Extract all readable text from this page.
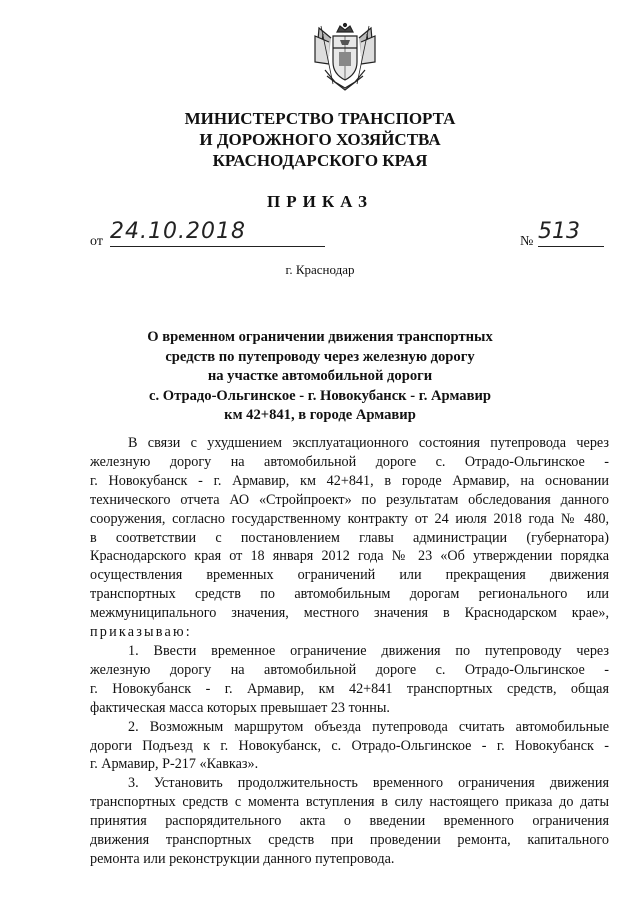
МИНИСТЕРСТВО ТРАНСПОРТА
И ДОРОЖНОГО ХОЗЯЙСТВА
КРАСНОДАРСКОГО КРАЯ
ПРИКАЗ
от 24.10.2018	№ 513
г. Краснодар
О временном ограничении движения транспортных
средств по путепроводу через железную дорогу
на участке автомобильной дороги
с. Отрадо-Ольгинское - г. Новокубанск - г. Армавир
км 42+841, в городе Армавир
В связи с ухудшением эксплуатационного состояния путепровода через
железную дорогу на автомобильной дороге с. Отрадо-Ольгинское -
г. Новокубанск - г. Армавир, км 42+841, в городе Армавир, на основании
технического отчета АО «Стройпроект» по результатам обследования данного
сооружения, согласно государственному контракту от 24 июля 2018 года № 480,
в соответствии с постановлением главы администрации (губернатора)
Краснодарского края от 18 января 2012 года № 23 «Об утверждении порядка
осуществления временных ограничений или прекращения движения
транспортных средств по автомобильным дорогам регионального или
межмуниципального значения, местного значения в Краснодарском крае»,
приказываю:
1. Ввести временное ограничение движения по путепроводу через
железную дорогу на автомобильной дороге с. Отрадо-Ольгинское -
г. Новокубанск - г. Армавир, км 42+841 транспортных средств, общая
фактическая масса которых превышает 23 тонны.
2. Возможным маршрутом объезда путепровода считать автомобильные
дороги Подъезд к г. Новокубанск, с. Отрадо-Ольгинское - г. Новокубанск -
г. Армавир, Р-217 «Кавказ».
3. Установить продолжительность временного ограничения движения
транспортных средств с момента вступления в силу настоящего приказа до даты
принятия распорядительного акта о введении временного ограничения
движения транспортных средств при проведении ремонта, капитального
ремонта или реконструкции данного путепровода.
